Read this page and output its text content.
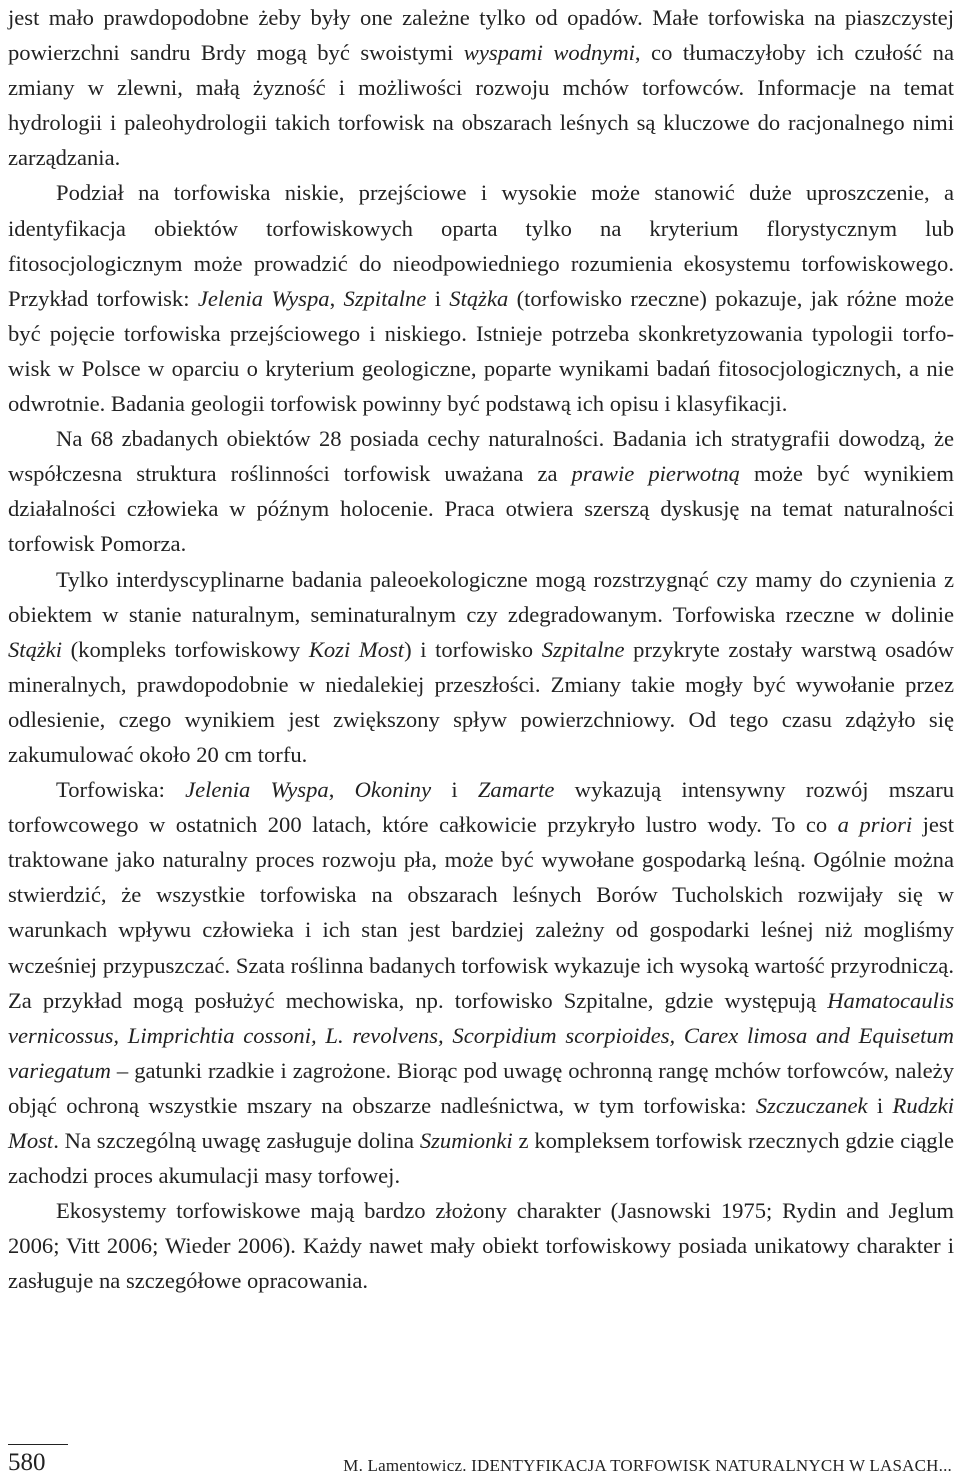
jest mało prawdopodobne żeby były one zależne tylko od opadów. Małe torfowiska na piaszczystej powierzchni sandru Brdy mogą być swoistymi wyspami wodnymi, co tłumaczyłoby ich czułość na zmiany w zlewni, małą żyzność i możliwości rozwoju mchów torfowców. Informacje na temat hydrologii i paleohydrologii takich torfowisk na obszarach leśnych są kluczowe do racjonalnego nimi zarządzania.

Podział na torfowiska niskie, przejściowe i wysokie może stanowić duże uproszczenie, a identyfikacja obiektów torfowiskowych oparta tylko na kryterium florystycznym lub fitosocjologicznym może prowadzić do nieodpowiedniego rozumienia ekosystemu torfowiskowego. Przykład torfowisk: Jelenia Wyspa, Szpitalne i Stążka (torfowisko rzeczne) pokazuje, jak różne może być pojęcie torfowiska przejściowego i niskiego. Istnieje potrzeba skonkretyzowania typologii torfowisk w Polsce w oparciu o kryterium geologiczne, poparte wynikami badań fitosocjologicznych, a nie odwrotnie. Badania geologii torfowisk powinny być podstawą ich opisu i klasyfikacji.

Na 68 zbadanych obiektów 28 posiada cechy naturalności. Badania ich stratygrafii dowodzą, że współczesna struktura roślinności torfowisk uważana za prawie pierwotną może być wynikiem działalności człowieka w późnym holocenie. Praca otwiera szerszą dyskusję na temat naturalności torfowisk Pomorza.

Tylko interdyscyplinarne badania paleoekologiczne mogą rozstrzygnąć czy mamy do czynienia z obiektem w stanie naturalnym, seminaturalnym czy zdegradowanym. Torfowiska rzeczne w dolinie Stążki (kompleks torfowiskowy Kozi Most) i torfowisko Szpitalne przykryte zostały warstwą osadów mineralnych, prawdopodobnie w niedalekiej przeszłości. Zmiany takie mogły być wywołanie przez odlesienie, czego wynikiem jest zwiększony spływ powierzchniowy. Od tego czasu zdążyło się zakumulować około 20 cm torfu.

Torfowiska: Jelenia Wyspa, Okoniny i Zamarte wykazują intensywny rozwój mszaru torfowcowego w ostatnich 200 latach, które całkowicie przykryło lustro wody. To co a priori jest traktowane jako naturalny proces rozwoju pła, może być wywołane gospodarką leśną. Ogólnie można stwierdzić, że wszystkie torfowiska na obszarach leśnych Borów Tucholskich rozwijały się w warunkach wpływu człowieka i ich stan jest bardziej zależny od gospodarki leśnej niż mogliśmy wcześniej przypuszczać. Szata roślinna badanych torfowisk wykazuje ich wysoką wartość przyrodniczą. Za przykład mogą posłużyć mechowiska, np. torfowisko Szpitalne, gdzie występują Hamatocaulis vernicossus, Limprichtia cossoni, L. revolvens, Scorpidium scorpioides, Carex limosa and Equisetum variegatum – gatunki rzadkie i zagrożone. Biorąc pod uwagę ochronną rangę mchów torfowców, należy objąć ochroną wszystkie mszary na obszarze nadleśnictwa, w tym torfowiska: Szczuczanek i Rudzki Most. Na szczególną uwagę zasługuje dolina Szumionki z kompleksem torfowisk rzecznych gdzie ciągle zachodzi proces akumulacji masy torfowej.

Ekosystemy torfowiskowe mają bardzo złożony charakter (Jasnowski 1975; Rydin and Jeglum 2006; Vitt 2006; Wieder 2006). Każdy nawet mały obiekt torfowiskowy posiada unikatowy charakter i zasługuje na szczegółowe opracowania.

580	M. Lamentowicz. IDENTYFIKACJA TORFOWISK NATURALNYCH W LASACH...
